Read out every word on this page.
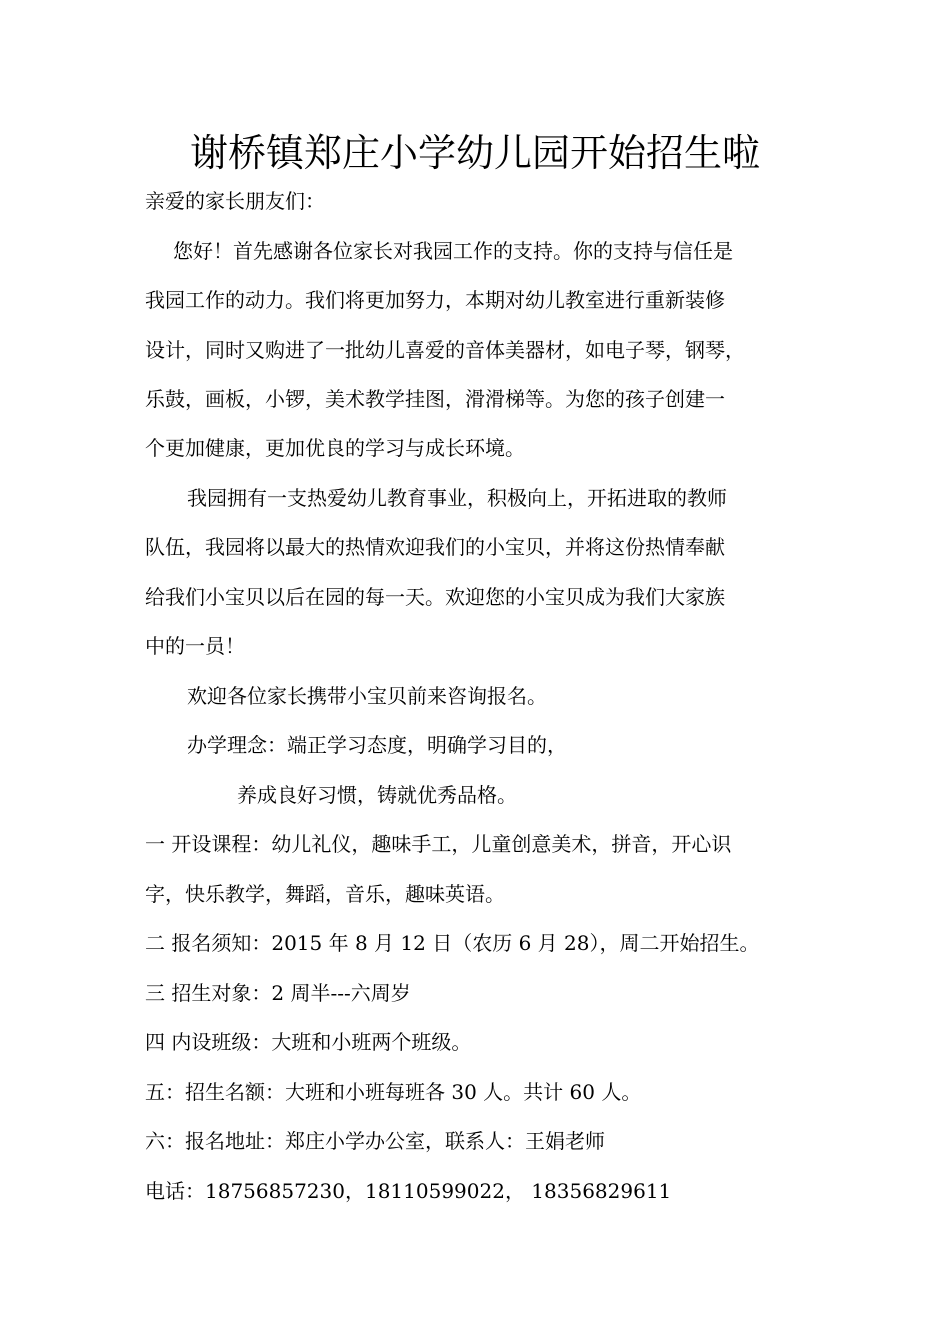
谢桥镇郑庄小学幼儿园开始招生啦
亲爱的家长朋友们：
您好！首先感谢各位家长对我园工作的支持。你的支持与信任是
我园工作的动力。我们将更加努力，本期对幼儿教室进行重新装修
设计，同时又购进了一批幼儿喜爱的音体美器材，如电子琴，钢琴，
乐鼓，画板，小锣，美术教学挂图，滑滑梯等。为您的孩子创建一
个更加健康，更加优良的学习与成长环境。
我园拥有一支热爱幼儿教育事业，积极向上，开拓进取的教师
队伍，我园将以最大的热情欢迎我们的小宝贝，并将这份热情奉献
给我们小宝贝以后在园的每一天。欢迎您的小宝贝成为我们大家族
中的一员！
欢迎各位家长携带小宝贝前来咨询报名。
办学理念：端正学习态度，明确学习目的，
养成良好习惯，铸就优秀品格。
一 开设课程：幼儿礼仪，趣味手工，儿童创意美术，拼音，开心识
字，快乐教学，舞蹈，音乐，趣味英语。
二 报名须知：2015 年 8 月 12 日（农历 6 月 28），周二开始招生。
三 招生对象：2 周半---六周岁
四 内设班级：大班和小班两个班级。
五：招生名额：大班和小班每班各 30 人。共计 60 人。
六：报名地址：郑庄小学办公室，联系人：王娟老师
电话：18756857230，18110599022， 18356829611
